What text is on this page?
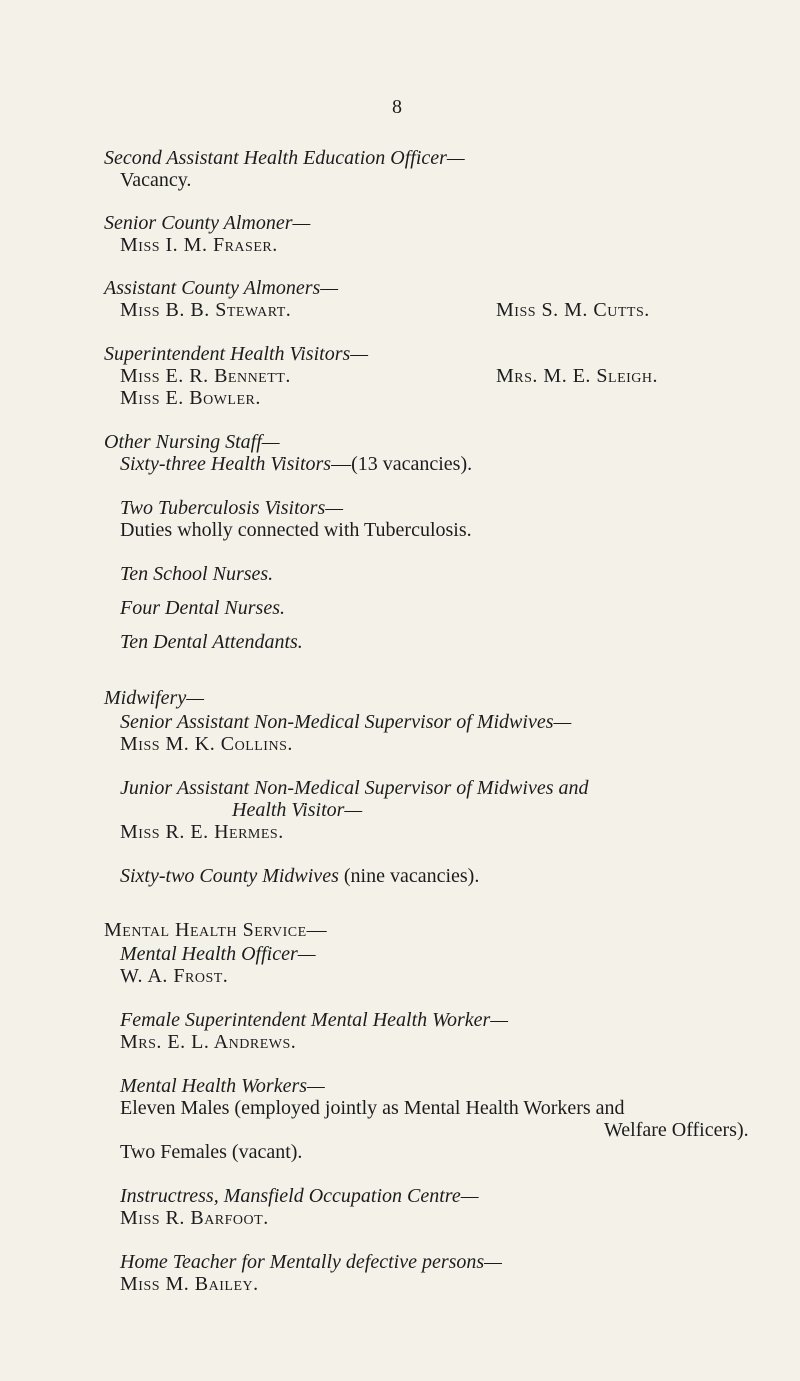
8
Second Assistant Health Education Officer—
Vacancy.
Senior County Almoner—
Miss I. M. Fraser.
Assistant County Almoners—
Miss B. B. Stewart.	Miss S. M. Cutts.
Superintendent Health Visitors—
Miss E. R. Bennett.	Mrs. M. E. Sleigh.
Miss E. Bowler.
Other Nursing Staff—
Sixty-three Health Visitors—(13 vacancies).
Two Tuberculosis Visitors—
Duties wholly connected with Tuberculosis.
Ten School Nurses.
Four Dental Nurses.
Ten Dental Attendants.
Midwifery—
Senior Assistant Non-Medical Supervisor of Midwives—
Miss M. K. Collins.
Junior Assistant Non-Medical Supervisor of Midwives and
Health Visitor—
Miss R. E. Hermes.
Sixty-two County Midwives (nine vacancies).
Mental Health Service—
Mental Health Officer—
W. A. Frost.
Female Superintendent Mental Health Worker—
Mrs. E. L. Andrews.
Mental Health Workers—
Eleven Males (employed jointly as Mental Health Workers and
Welfare Officers).
Two Females (vacant).
Instructress, Mansfield Occupation Centre—
Miss R. Barfoot.
Home Teacher for Mentally defective persons—
Miss M. Bailey.
